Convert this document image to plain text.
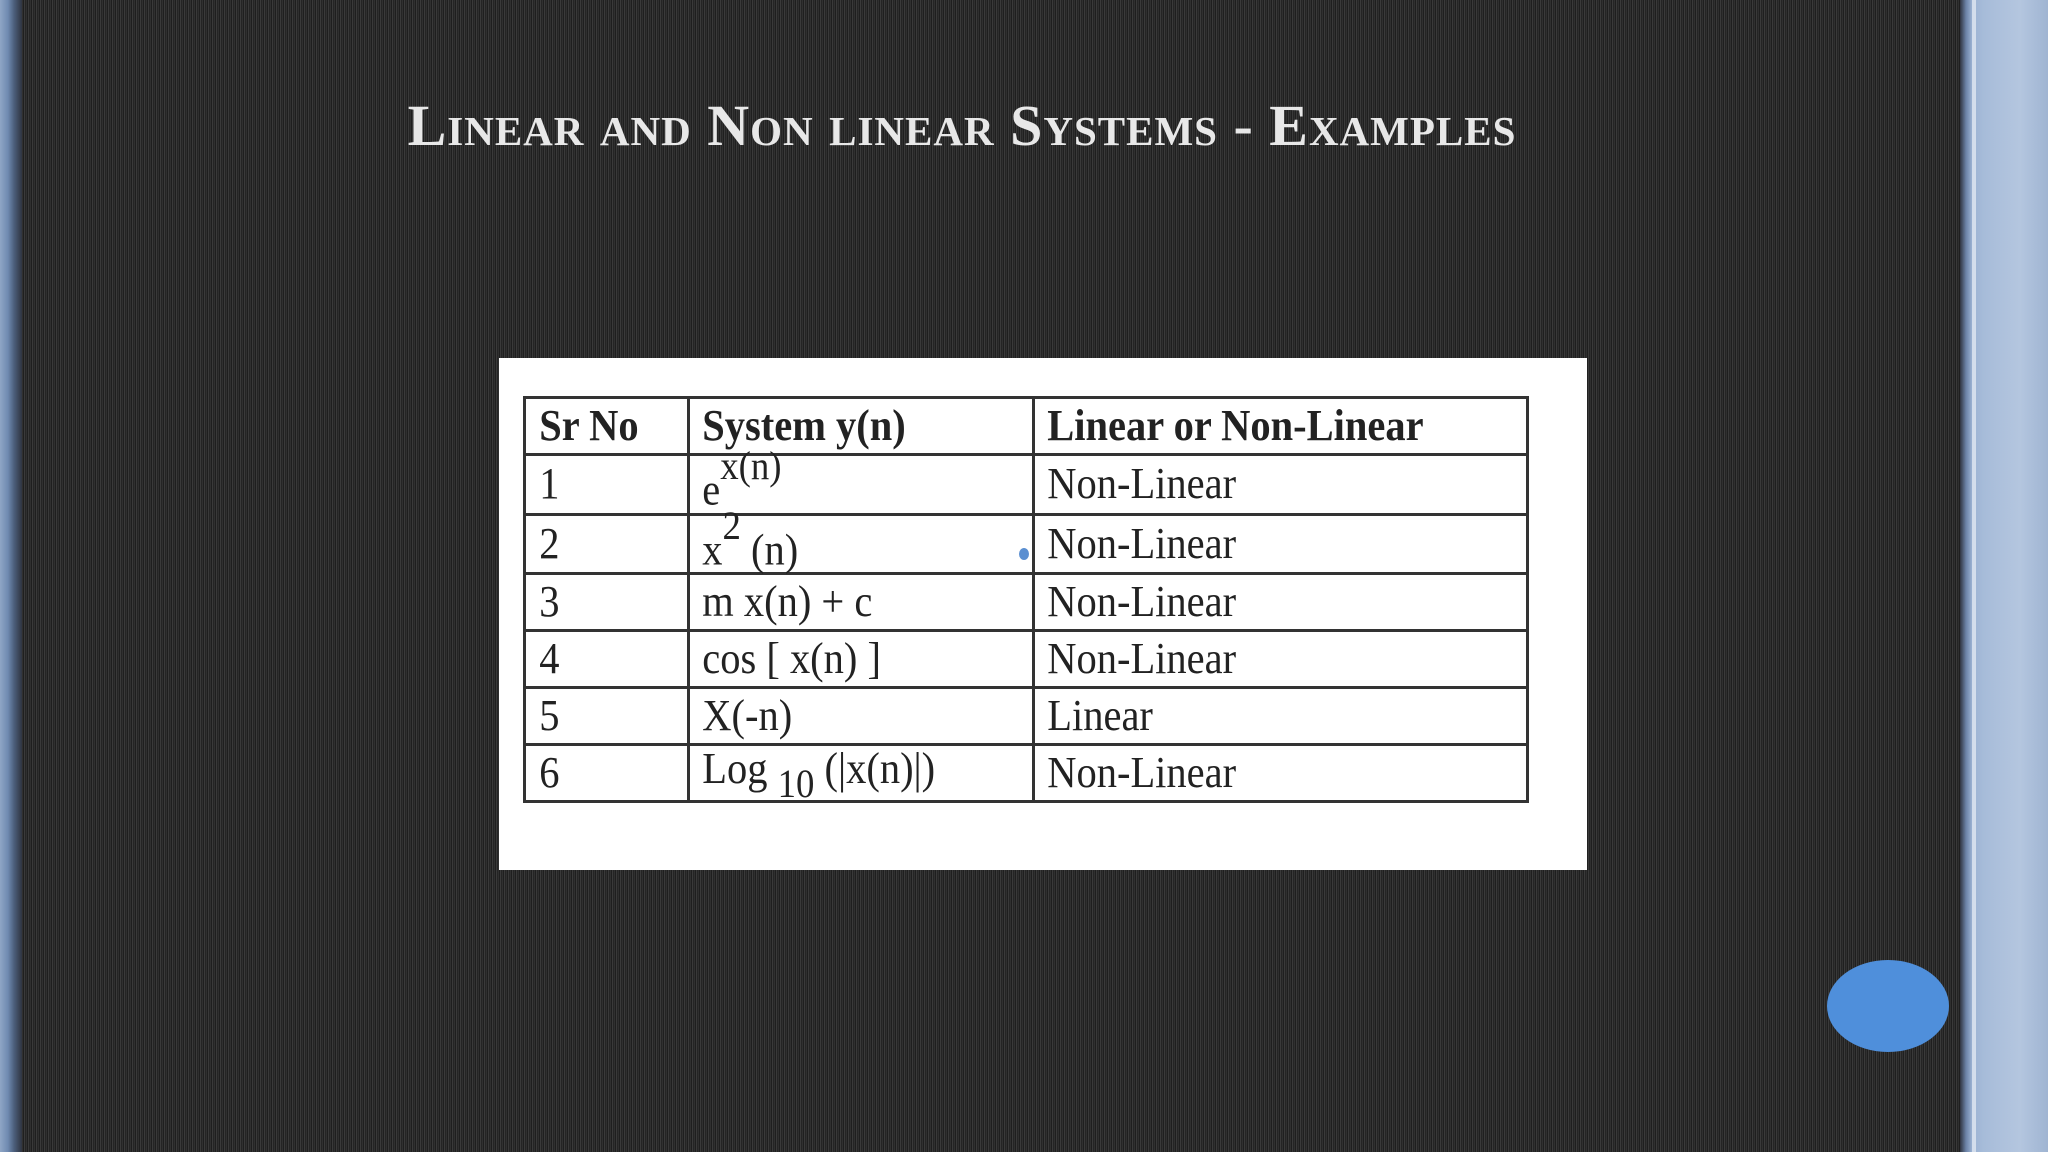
Linear and Non linear Systems - Examples
Sr No	System y(n)	Linear or Non-Linear
1	$e^{x(n)}$	Non-Linear
2	$x^2$ (n)	Non-Linear
3	m x(n) + c	Non-Linear
4	cos [ x(n) ]	Non-Linear
5	X(-n)	Linear
6	Log $_{10}$ (|x(n)|)	Non-Linear
